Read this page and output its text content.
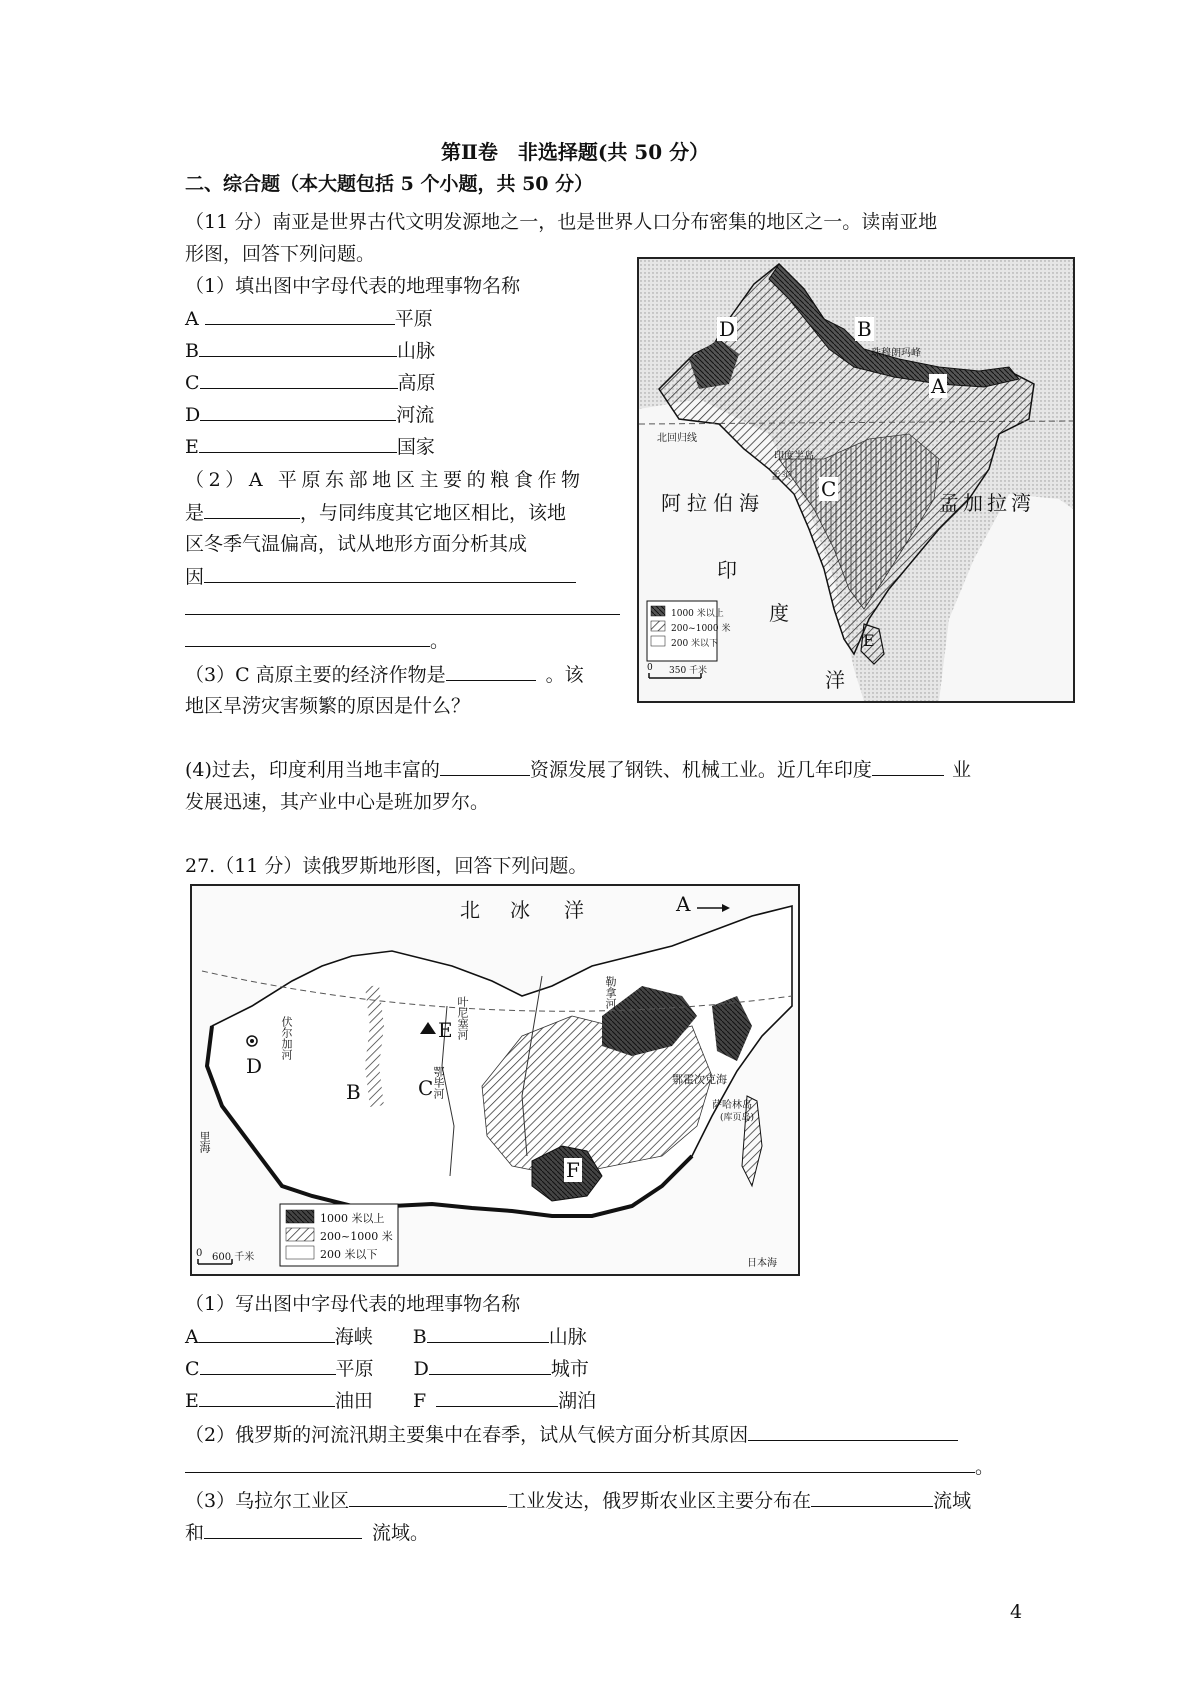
第Ⅱ卷　非选择题(共 50 分）
二、综合题（本大题包括 5 个小题，共 50 分）
（11 分）南亚是世界古代文明发源地之一，也是世界人口分布密集的地区之一。读南亚地
形图，回答下列问题。
（1）填出图中字母代表的地理事物名称
A	平原
B	山脉
C	高原
D	河流
E	国家
（2）A 平原东部地区主要的粮食作物
是	，与同纬度其它地区相比，该地
区冬季气温偏高，试从地形方面分析其成
因
。
（3）C 高原主要的经济作物是	。该
地区旱涝灾害频繁的原因是什么？
(4)过去，印度利用当地丰富的	资源发展了钢铁、机械工业。近几年印度	业
发展迅速，其产业中心是班加罗尔。
D	B
A
C
E
珠穆朗玛峰
北回归线
印度半岛
孟买
阿拉伯海	孟加拉湾
印
度
洋
1000 米以上
200~1000 米
200 米以下
0 350 千米
27.（11 分）读俄罗斯地形图，回答下列问题。
北 冰 洋	A
D
B
E
C
F
伏尔加河
鄂毕河
叶尼塞河
勒拿河
里海
鄂霍次克海
萨哈林岛
(库页岛)
日本海
1000 米以上
200~1000 米
200 米以下
0 600 千米
（1）写出图中字母代表的地理事物名称
A	海峡 B	山脉
C	平原 D	城市
E	油田 F	湖泊
（2）俄罗斯的河流汛期主要集中在春季，试从气候方面分析其原因
。
（3）乌拉尔工业区	工业发达，俄罗斯农业区主要分布在	流域
和	流域。
4
